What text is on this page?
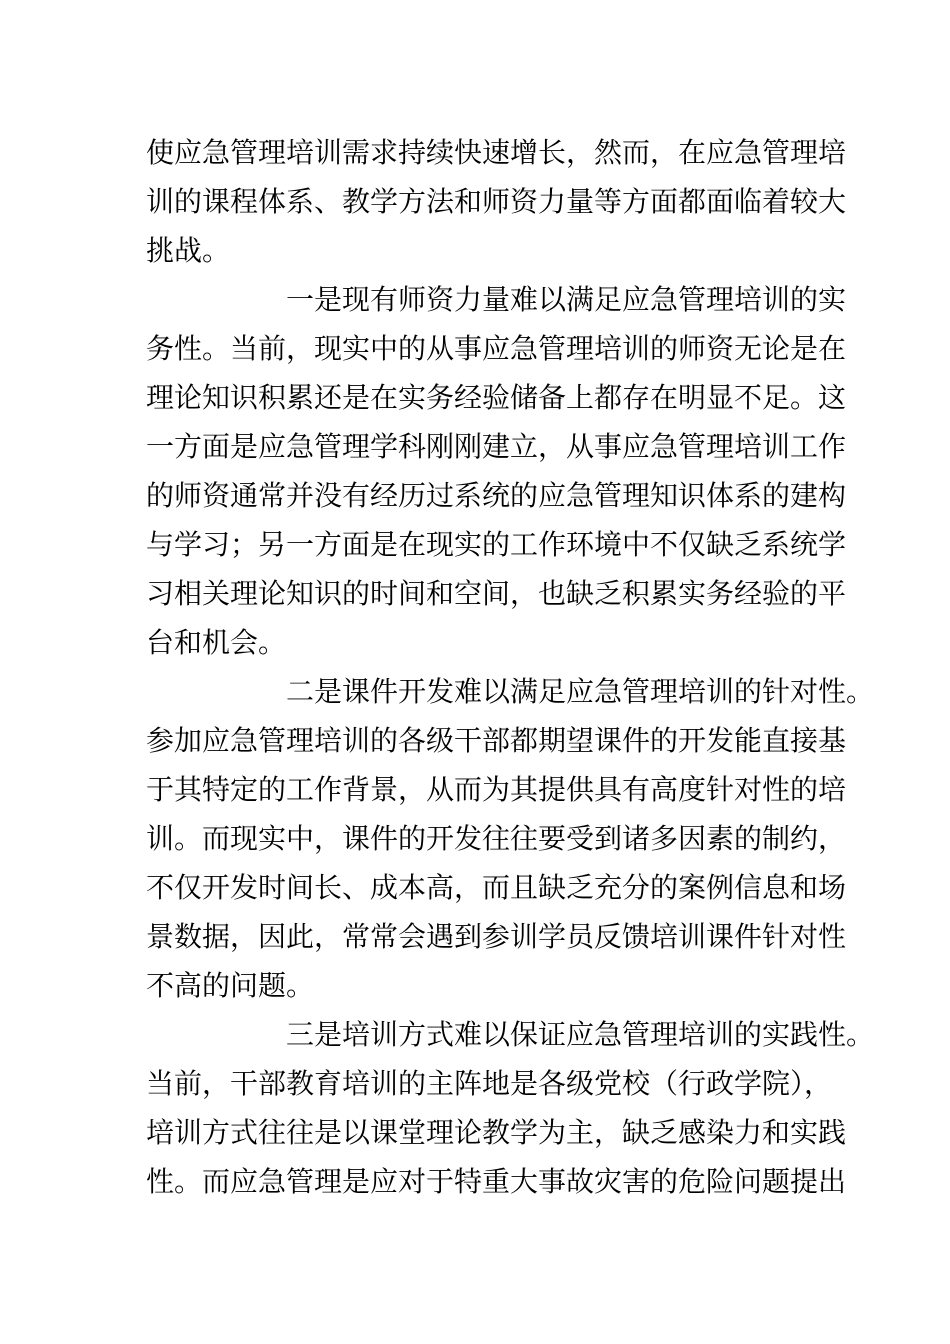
使应急管理培训需求持续快速增长，然而，在应急管理培

训的课程体系、教学方法和师资力量等方面都面临着较大

挑战。

一是现有师资力量难以满足应急管理培训的实

务性。当前，现实中的从事应急管理培训的师资无论是在

理论知识积累还是在实务经验储备上都存在明显不足。这

一方面是应急管理学科刚刚建立，从事应急管理培训工作

的师资通常并没有经历过系统的应急管理知识体系的建构

与学习；另一方面是在现实的工作环境中不仅缺乏系统学

习相关理论知识的时间和空间，也缺乏积累实务经验的平

台和机会。

二是课件开发难以满足应急管理培训的针对性。

参加应急管理培训的各级干部都期望课件的开发能直接基

于其特定的工作背景，从而为其提供具有高度针对性的培

训。而现实中，课件的开发往往要受到诸多因素的制约，

不仅开发时间长、成本高，而且缺乏充分的案例信息和场

景数据，因此，常常会遇到参训学员反馈培训课件针对性

不高的问题。

三是培训方式难以保证应急管理培训的实践性。

当前，干部教育培训的主阵地是各级党校（行政学院），

培训方式往往是以课堂理论教学为主，缺乏感染力和实践

性。而应急管理是应对于特重大事故灾害的危险问题提出
